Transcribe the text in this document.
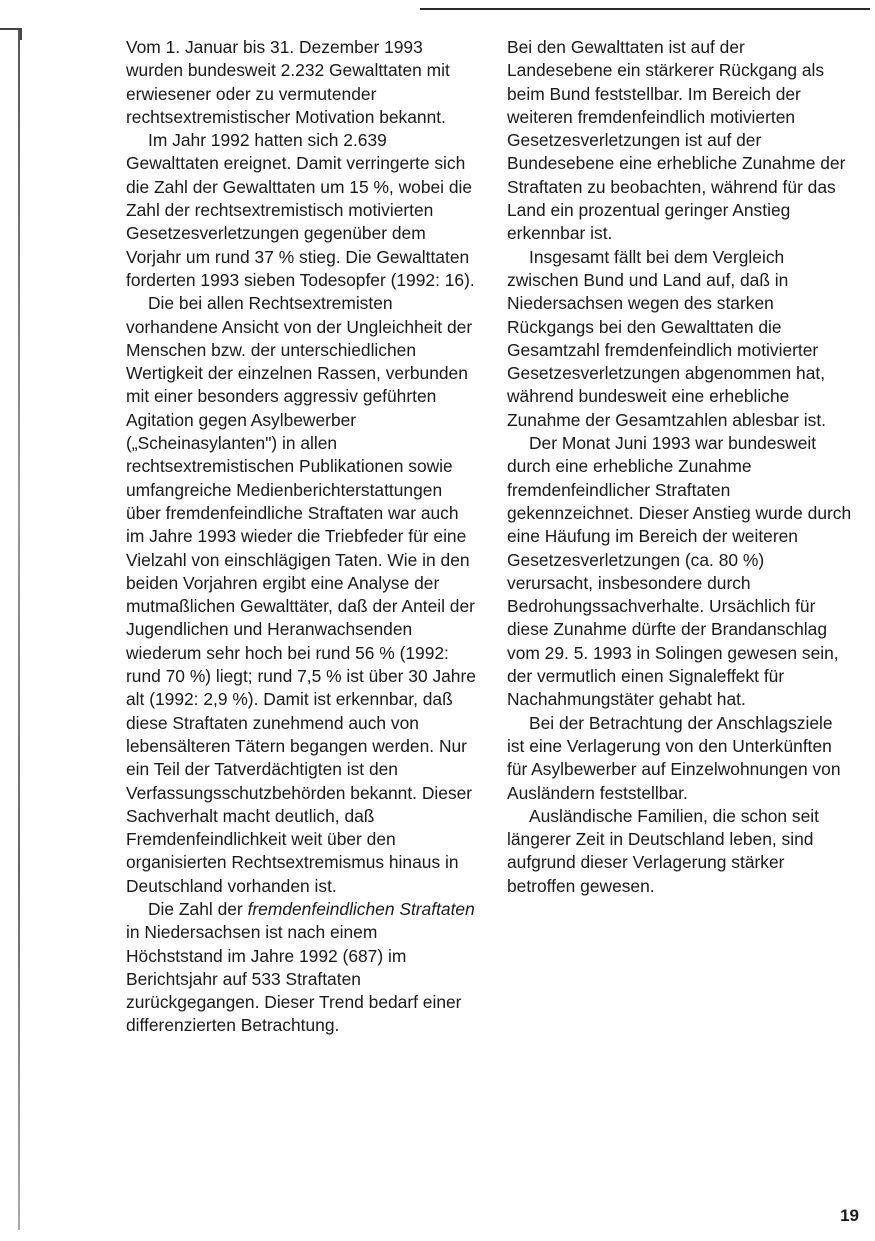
Vom 1. Januar bis 31. Dezember 1993 wurden bundesweit 2.232 Gewalttaten mit erwiesener oder zu vermutender rechtsextremistischer Motivation bekannt.

Im Jahr 1992 hatten sich 2.639 Gewalttaten ereignet. Damit verringerte sich die Zahl der Gewalttaten um 15 %, wobei die Zahl der rechtsextremistisch motivierten Gesetzesverletzungen gegenüber dem Vorjahr um rund 37 % stieg. Die Gewalttaten forderten 1993 sieben Todesopfer (1992: 16).

Die bei allen Rechtsextremisten vorhandene Ansicht von der Ungleichheit der Menschen bzw. der unterschiedlichen Wertigkeit der einzelnen Rassen, verbunden mit einer besonders aggressiv geführten Agitation gegen Asylbewerber („Scheinasylanten") in allen rechtsextremistischen Publikationen sowie umfangreiche Medienberichterstattungen über fremdenfeindliche Straftaten war auch im Jahre 1993 wieder die Triebfeder für eine Vielzahl von einschlägigen Taten. Wie in den beiden Vorjahren ergibt eine Analyse der mutmaßlichen Gewalttäter, daß der Anteil der Jugendlichen und Heranwachsenden wiederum sehr hoch bei rund 56 % (1992: rund 70 %) liegt; rund 7,5 % ist über 30 Jahre alt (1992: 2,9 %). Damit ist erkennbar, daß diese Straftaten zunehmend auch von lebensälteren Tätern begangen werden. Nur ein Teil der Tatverdächtigten ist den Verfassungsschutzbehörden bekannt. Dieser Sachverhalt macht deutlich, daß Fremdenfeindlichkeit weit über den organisierten Rechtsextremismus hinaus in Deutschland vorhanden ist.

Die Zahl der fremdenfeindlichen Straftaten in Niedersachsen ist nach einem Höchststand im Jahre 1992 (687) im Berichtsjahr auf 533 Straftaten zurückgegangen. Dieser Trend bedarf einer differenzierten Betrachtung.

Bei den Gewalttaten ist auf der Landesebene ein stärkerer Rückgang als beim Bund feststellbar. Im Bereich der weiteren fremdenfeindlich motivierten Gesetzesverletzungen ist auf der Bundesebene eine erhebliche Zunahme der Straftaten zu beobachten, während für das Land ein prozentual geringer Anstieg erkennbar ist.

Insgesamt fällt bei dem Vergleich zwischen Bund und Land auf, daß in Niedersachsen wegen des starken Rückgangs bei den Gewalttaten die Gesamtzahl fremdenfeindlich motivierter Gesetzesverletzungen abgenommen hat, während bundesweit eine erhebliche Zunahme der Gesamtzahlen ablesbar ist.

Der Monat Juni 1993 war bundesweit durch eine erhebliche Zunahme fremdenfeindlicher Straftaten gekennzeichnet. Dieser Anstieg wurde durch eine Häufung im Bereich der weiteren Gesetzesverletzungen (ca. 80 %) verursacht, insbesondere durch Bedrohungssachverhalte. Ursächlich für diese Zunahme dürfte der Brandanschlag vom 29. 5. 1993 in Solingen gewesen sein, der vermutlich einen Signaleffekt für Nachahmungstäter gehabt hat.

Bei der Betrachtung der Anschlagsziele ist eine Verlagerung von den Unterkünften für Asylbewerber auf Einzelwohnungen von Ausländern feststellbar.

Ausländische Familien, die schon seit längerer Zeit in Deutschland leben, sind aufgrund dieser Verlagerung stärker betroffen gewesen.

19
